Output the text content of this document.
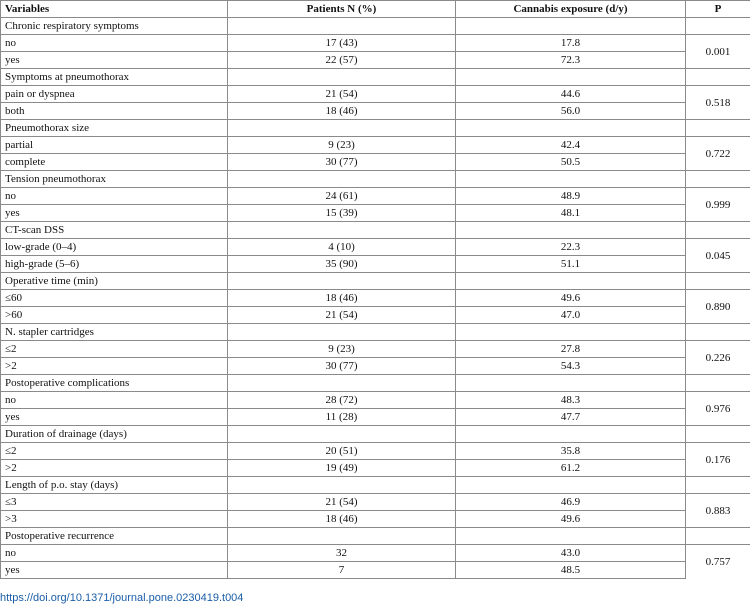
Variables	Patients N (%)	Cannabis exposure (d/y)	P
Chronic respiratory symptoms			
no	17 (43)	17.8	0.001
yes	22 (57)	72.3	
Symptoms at pneumothorax			
pain or dyspnea	21 (54)	44.6	0.518
both	18 (46)	56.0	
Pneumothorax size			
partial	9 (23)	42.4	0.722
complete	30 (77)	50.5	
Tension pneumothorax			
no	24 (61)	48.9	0.999
yes	15 (39)	48.1	
CT-scan DSS			
low-grade (0–4)	4 (10)	22.3	0.045
high-grade (5–6)	35 (90)	51.1	
Operative time (min)			
≤60	18 (46)	49.6	0.890
>60	21 (54)	47.0	
N. stapler cartridges			
≤2	9 (23)	27.8	0.226
>2	30 (77)	54.3	
Postoperative complications			
no	28 (72)	48.3	0.976
yes	11 (28)	47.7	
Duration of drainage (days)			
≤2	20 (51)	35.8	0.176
>2	19 (49)	61.2	
Length of p.o. stay (days)			
≤3	21 (54)	46.9	0.883
>3	18 (46)	49.6	
Postoperative recurrence			
no	32	43.0	0.757
yes	7	48.5	
https://doi.org/10.1371/journal.pone.0230419.t004
